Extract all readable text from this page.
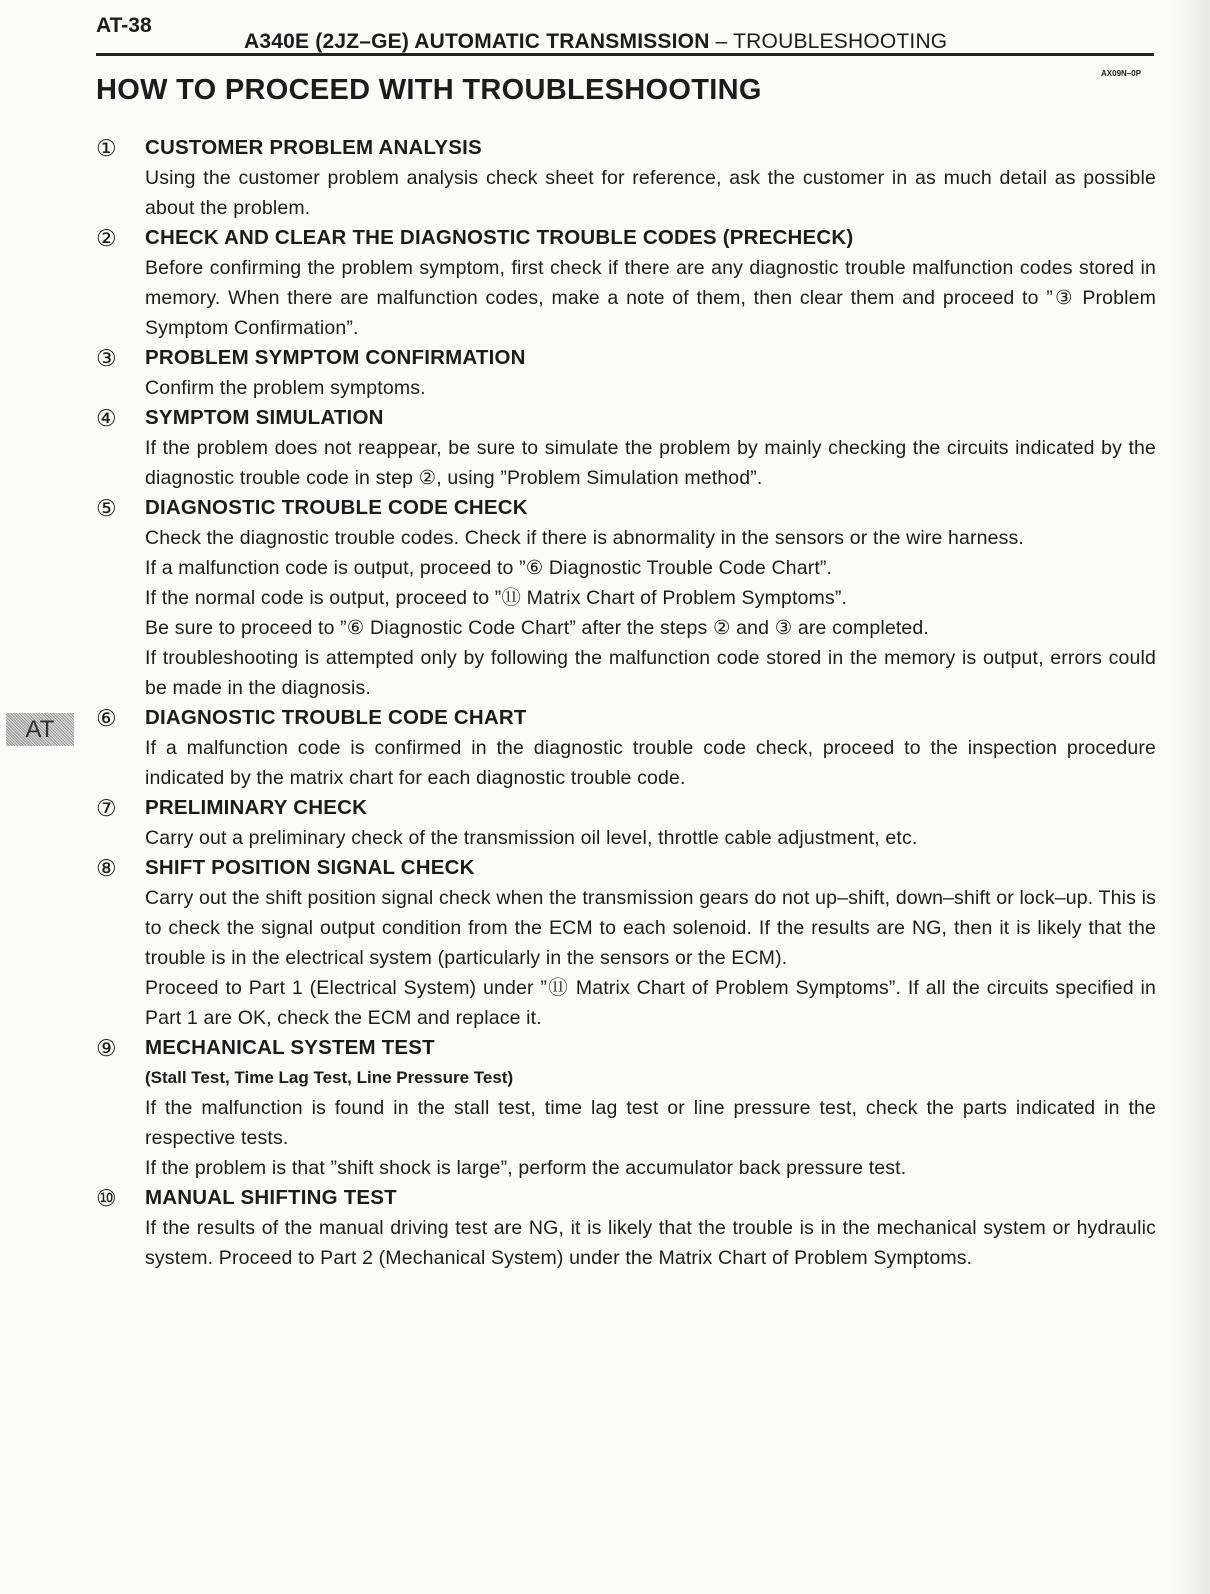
AT-38
A340E (2JZ–GE) AUTOMATIC TRANSMISSION – TROUBLESHOOTING
AX09N–0P
HOW TO PROCEED WITH TROUBLESHOOTING
AT
① CUSTOMER PROBLEM ANALYSIS
Using the customer problem analysis check sheet for reference, ask the customer in as much detail as possible about the problem.
② CHECK AND CLEAR THE DIAGNOSTIC TROUBLE CODES (PRECHECK)
Before confirming the problem symptom, first check if there are any diagnostic trouble malfunction codes stored in memory. When there are malfunction codes, make a note of them, then clear them and proceed to ”③ Problem Symptom Confirmation”.
③ PROBLEM SYMPTOM CONFIRMATION
Confirm the problem symptoms.
④ SYMPTOM SIMULATION
If the problem does not reappear, be sure to simulate the problem by mainly checking the circuits indicated by the diagnostic trouble code in step ②, using ”Problem Simulation method”.
⑤ DIAGNOSTIC TROUBLE CODE CHECK
Check the diagnostic trouble codes. Check if there is abnormality in the sensors or the wire harness.
If a malfunction code is output, proceed to ”⑥ Diagnostic Trouble Code Chart”.
If the normal code is output, proceed to ”⑪ Matrix Chart of Problem Symptoms”.
Be sure to proceed to ”⑥ Diagnostic Code Chart” after the steps ② and ③ are completed.
If troubleshooting is attempted only by following the malfunction code stored in the memory is output, errors could be made in the diagnosis.
⑥ DIAGNOSTIC TROUBLE CODE CHART
If a malfunction code is confirmed in the diagnostic trouble code check, proceed to the inspection procedure indicated by the matrix chart for each diagnostic trouble code.
⑦ PRELIMINARY CHECK
Carry out a preliminary check of the transmission oil level, throttle cable adjustment, etc.
⑧ SHIFT POSITION SIGNAL CHECK
Carry out the shift position signal check when the transmission gears do not up–shift, down–shift or lock–up. This is to check the signal output condition from the ECM to each solenoid. If the results are NG, then it is likely that the trouble is in the electrical system (particularly in the sensors or the ECM).
Proceed to Part 1 (Electrical System) under ”⑪ Matrix Chart of Problem Symptoms”. If all the circuits specified in Part 1 are OK, check the ECM and replace it.
⑨ MECHANICAL SYSTEM TEST
(Stall Test, Time Lag Test, Line Pressure Test)
If the malfunction is found in the stall test, time lag test or line pressure test, check the parts indicated in the respective tests.
If the problem is that ”shift shock is large”, perform the accumulator back pressure test.
⑩ MANUAL SHIFTING TEST
If the results of the manual driving test are NG, it is likely that the trouble is in the mechanical system or hydraulic system. Proceed to Part 2 (Mechanical System) under the Matrix Chart of Problem Symptoms.
